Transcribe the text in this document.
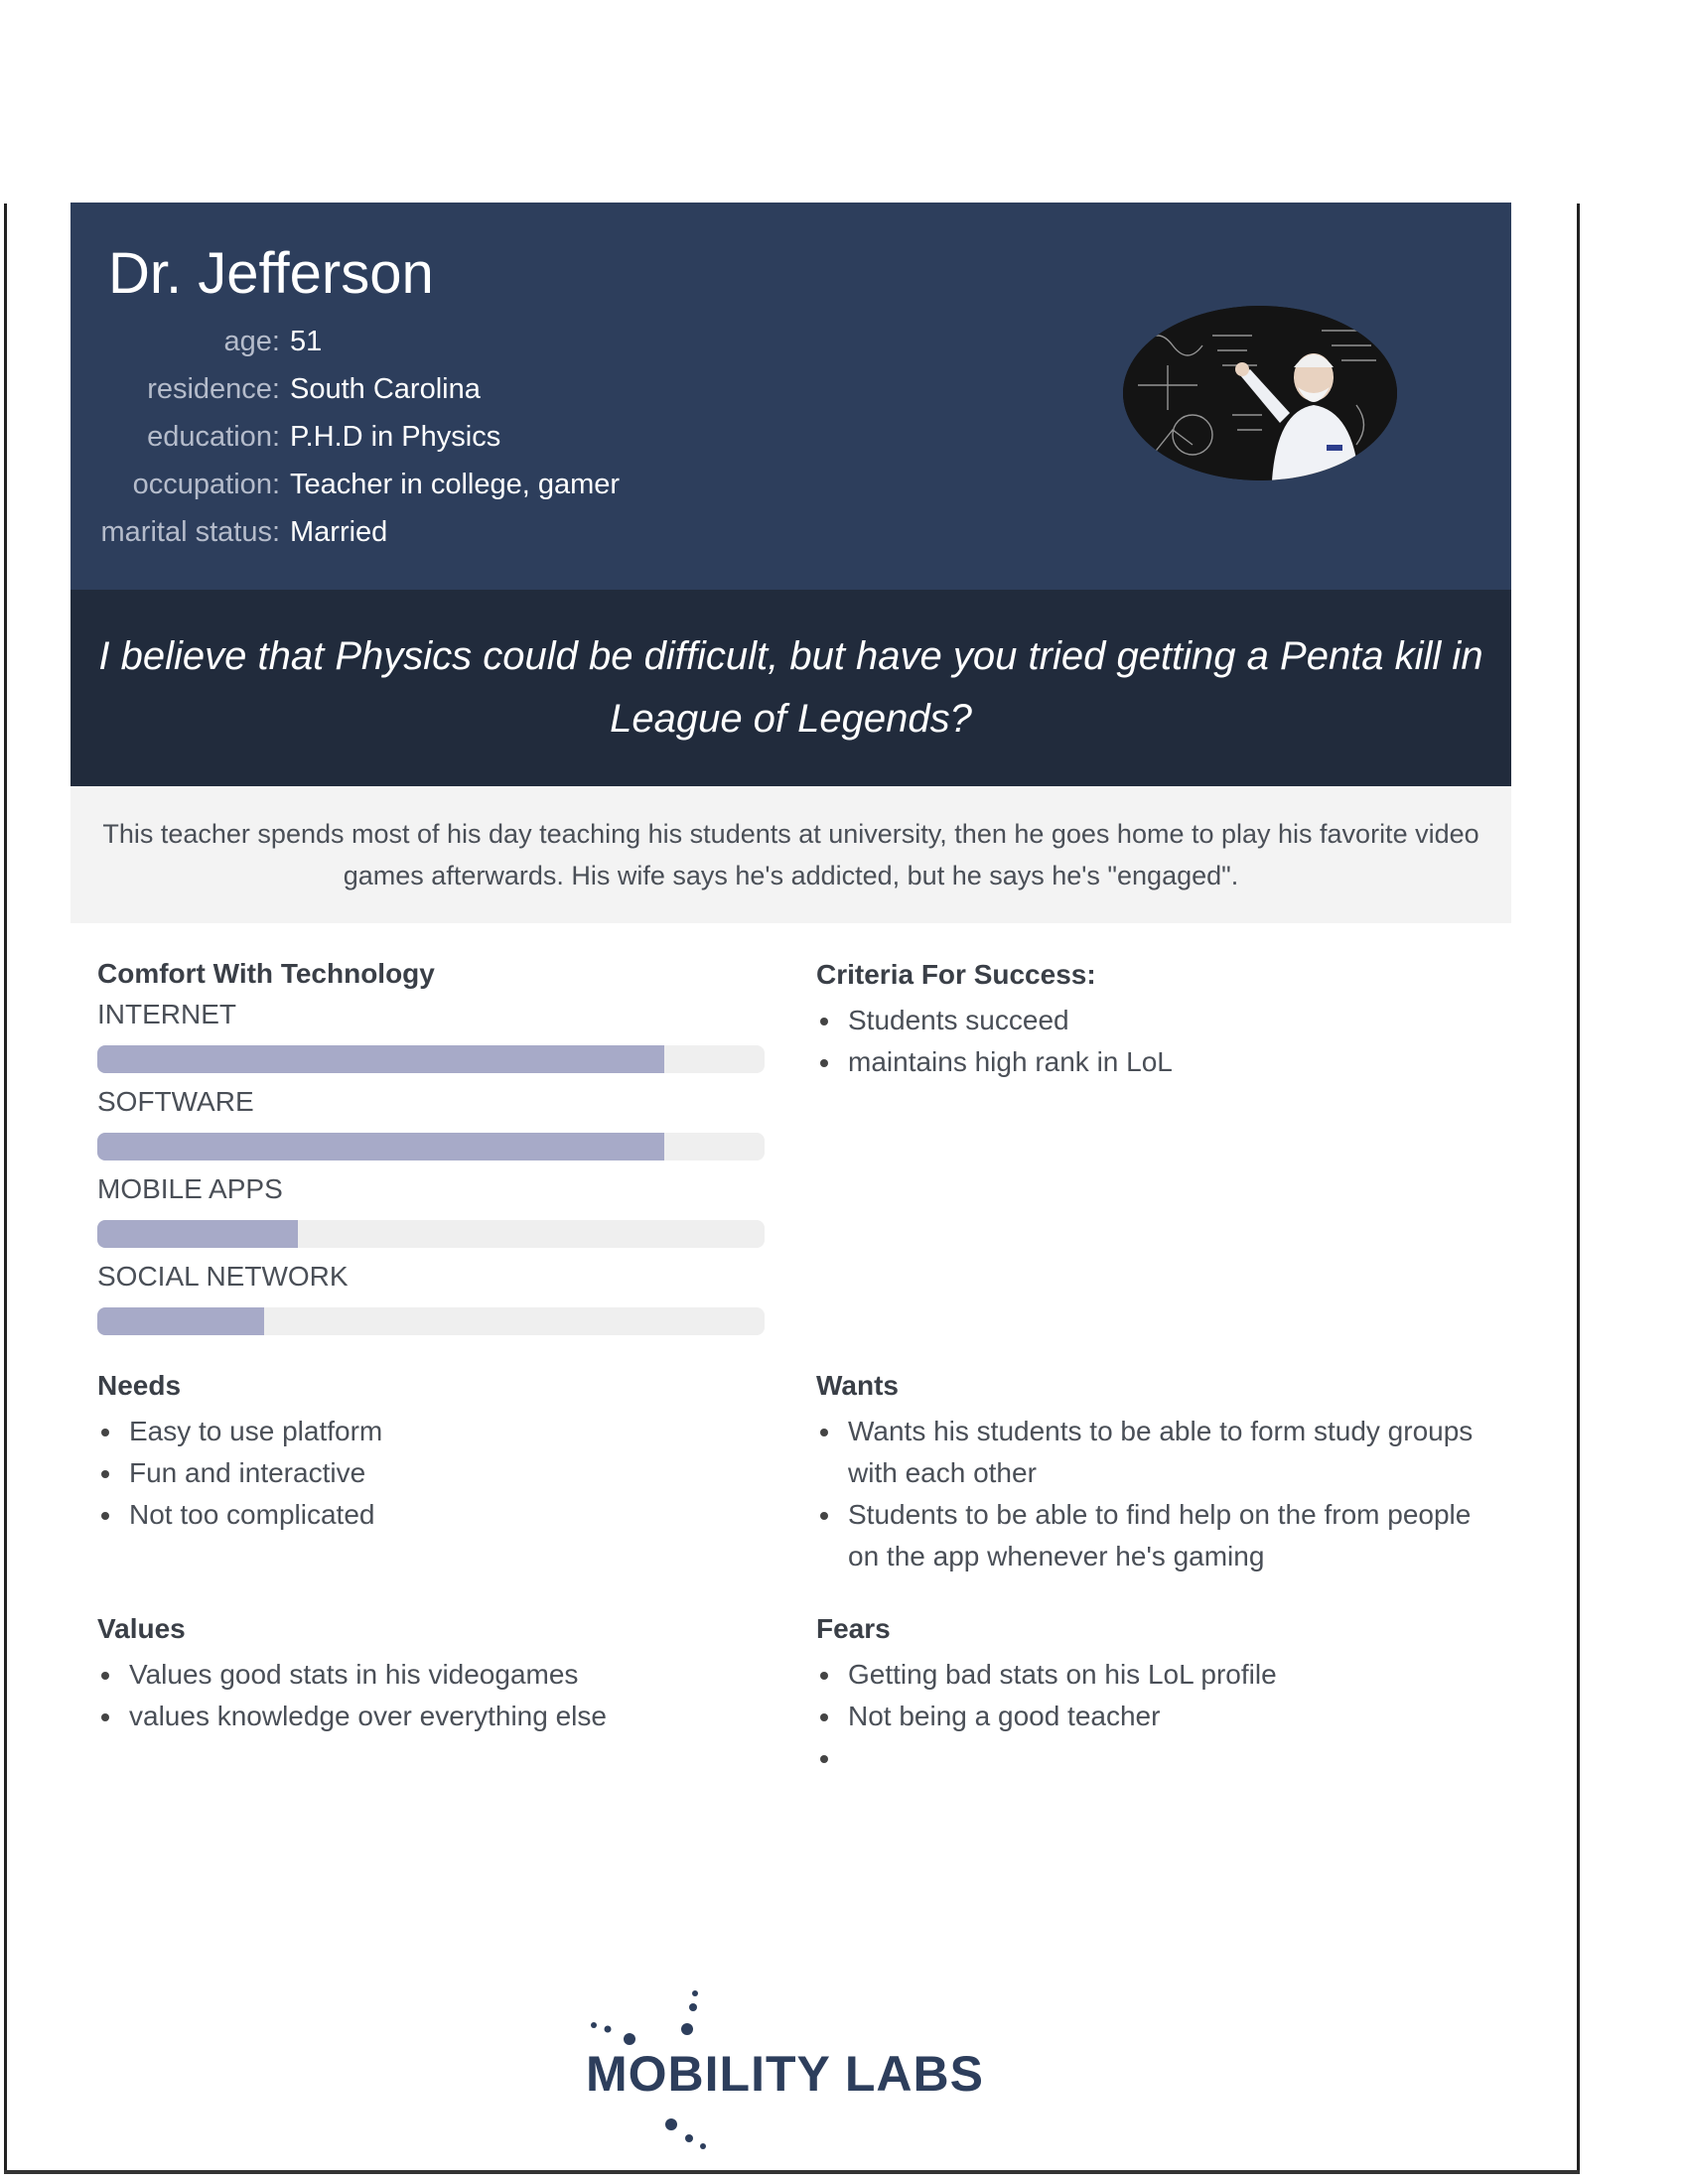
Dr. Jefferson
age: 51
residence: South Carolina
education: P.H.D in Physics
occupation: Teacher in college, gamer
marital status: Married

I believe that Physics could be difficult, but have you tried getting a Penta kill in League of Legends?

This teacher spends most of his day teaching his students at university, then he goes home to play his favorite video games afterwards. His wife says he's addicted, but he says he's "engaged".

Comfort With Technology
INTERNET
SOFTWARE
MOBILE APPS
SOCIAL NETWORK
Criteria For Success:
Students succeed
maintains high rank in LoL
Needs
Easy to use platform
Fun and interactive
Not too complicated
Wants
Wants his students to be able to form study groups with each other
Students to be able to find help on the from people on the app whenever he's gaming
Values
Values good stats in his videogames
values knowledge over everything else
Fears
Getting bad stats on his LoL profile
Not being a good teacher

MOBILITY LABS
